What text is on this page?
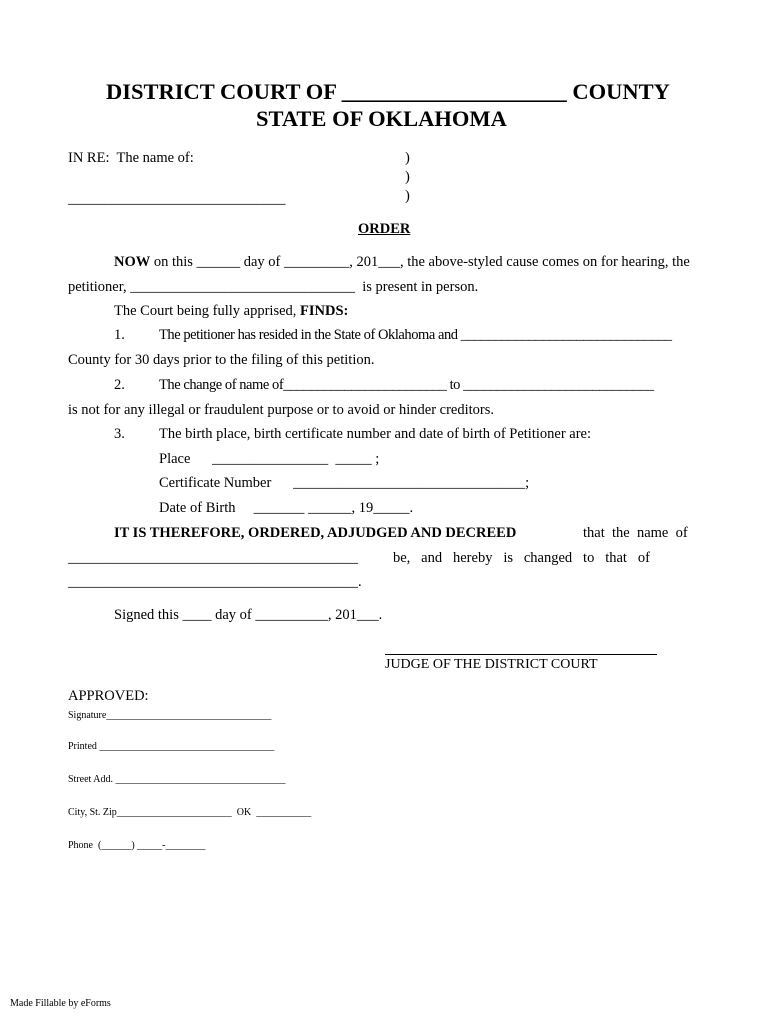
DISTRICT COURT OF ____________________ COUNTY
STATE OF OKLAHOMA
IN RE:  The name of:	)
)
)
______________________________
ORDER
NOW on this ______ day of _________, 201___, the above-styled cause comes on for hearing, the
petitioner, _______________________________  is present in person.
The Court being fully apprised, FINDS:
1. The petitioner has resided in the State of Oklahoma and _______________________________
County for 30 days prior to the filing of this petition.
2. The change of name of________________________ to ____________________________
is not for any illegal or fraudulent purpose or to avoid or hinder creditors.
3. The birth place, birth certificate number and date of birth of Petitioner are:
Place      ________________  _____ ;
Certificate Number      ________________________________;
Date of Birth     _______ ______, 19_____.
IT IS THEREFORE, ORDERED, ADJUDGED AND DECREED	that  the  name  of
________________________________________ be,   and   hereby   is   changed   to   that   of
________________________________________.
Signed this ____ day of __________, 201___.
JUDGE OF THE DISTRICT COURT
APPROVED:
Signature_________________________________
Printed ___________________________________
Street Add. __________________________________
City, St. Zip_______________________  OK  ___________
Phone  (______) _____-________
Made Fillable by eForms
